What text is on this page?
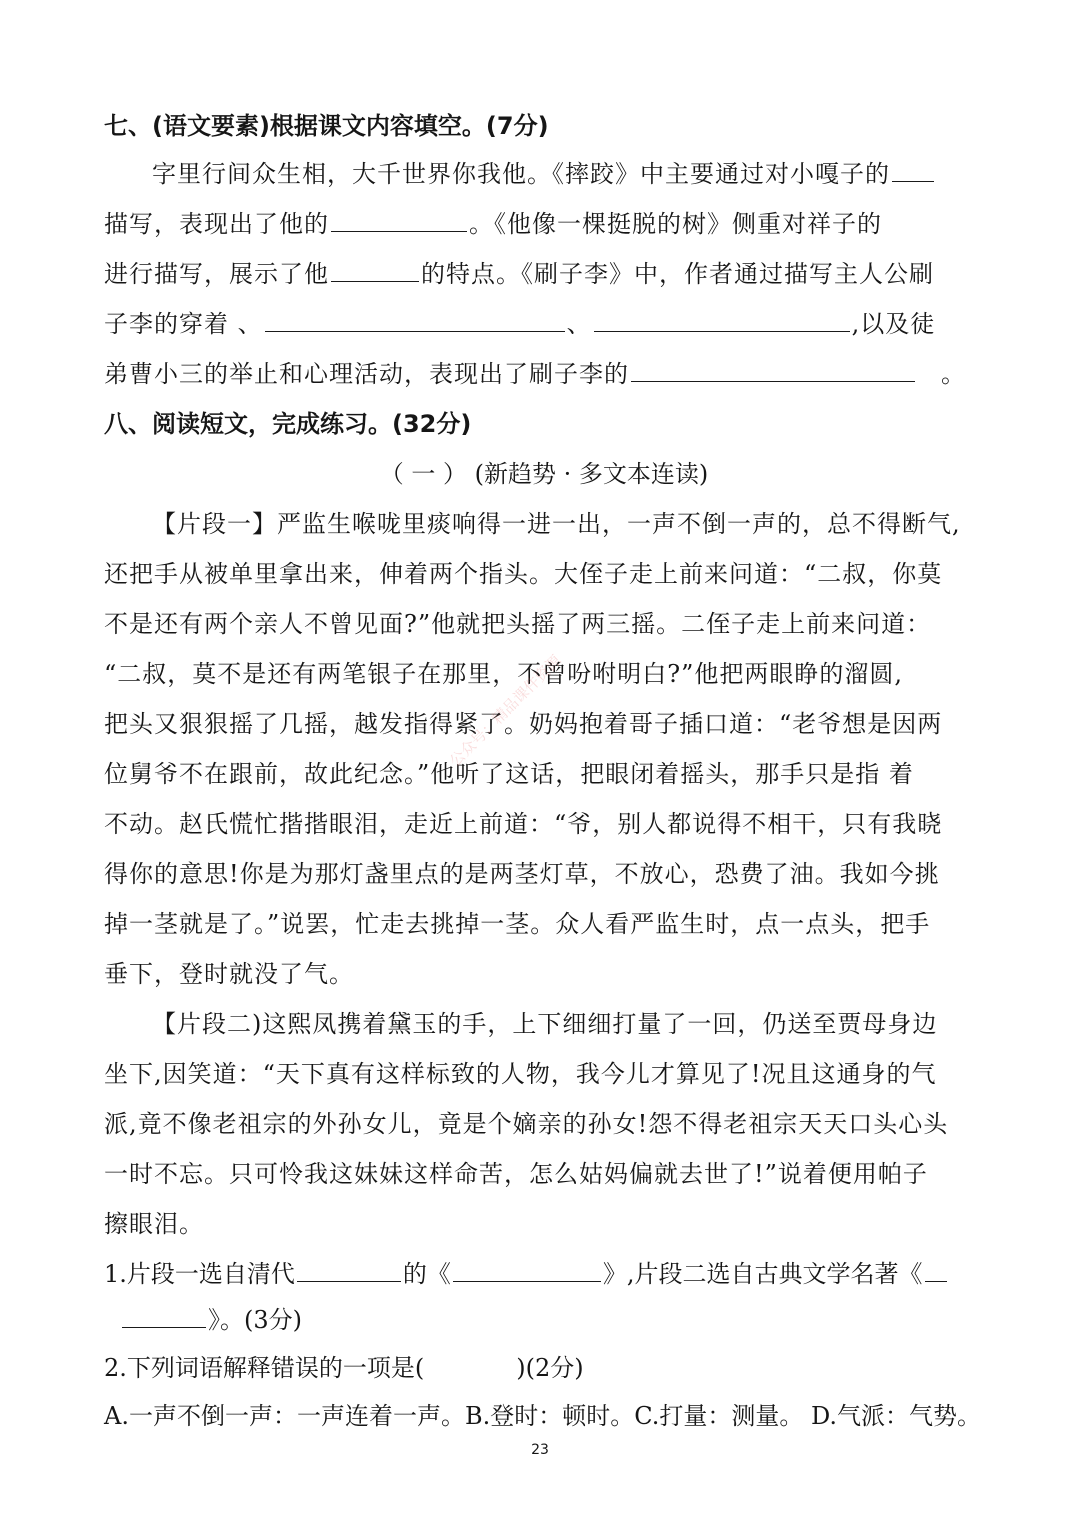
七、(语文要素)根据课文内容填空。(7分)
字里行间众生相，大千世界你我他。《摔跤》中主要通过对小嘎子的
描写，表现出了他的	。《他像一棵挺脱的树》侧重对祥子的
进行描写，展示了他	的特点。《刷子李》中，作者通过描写主人公刷
子李的穿着 、	、	,以及徒
弟曹小三的举止和心理活动，表现出了刷子李的	。
八、阅读短文，完成练习。(32分)
（ 一 ） (新趋势 · 多文本连读)
【片段一】严监生喉咙里痰响得一进一出，一声不倒一声的，总不得断气,
还把手从被单里拿出来，伸着两个指头。大侄子走上前来问道：“二叔，你莫
不是还有两个亲人不曾见面?”他就把头摇了两三摇。二侄子走上前来问道：
“二叔，莫不是还有两笔银子在那里，不曾吩咐明白?”他把两眼睁的溜圆,
把头又狠狠摇了几摇，越发指得紧了。奶妈抱着哥子插口道：“老爷想是因两
位舅爷不在跟前，故此纪念。”他听了这话，把眼闭着摇头，那手只是指 着
不动。赵氏慌忙揩揩眼泪，走近上前道：“爷，别人都说得不相干，只有我晓
得你的意思!你是为那灯盏里点的是两茎灯草，不放心，恐费了油。我如今挑
掉一茎就是了。”说罢，忙走去挑掉一茎。众人看严监生时，点一点头，把手
垂下，登时就没了气。
【片段二)这熙凤携着黛玉的手，上下细细打量了一回，仍送至贾母身边
坐下,因笑道：“天下真有这样标致的人物，我今儿才算见了!况且这通身的气
派,竟不像老祖宗的外孙女儿，竟是个嫡亲的孙女!怨不得老祖宗天天口头心头
一时不忘。只可怜我这妹妹这样命苦，怎么姑妈偏就去世了!”说着便用帕子
擦眼泪。
1.片段一选自清代	的《	》,片段二选自古典文学名著《
》。(3分)
2.下列词语解释错误的一项是(	)(2分)
A.一声不倒一声：一声连着一声。B.登时：顿时。C.打量：测量。 D.气派：气势。
公众号：精品课件资源
23
